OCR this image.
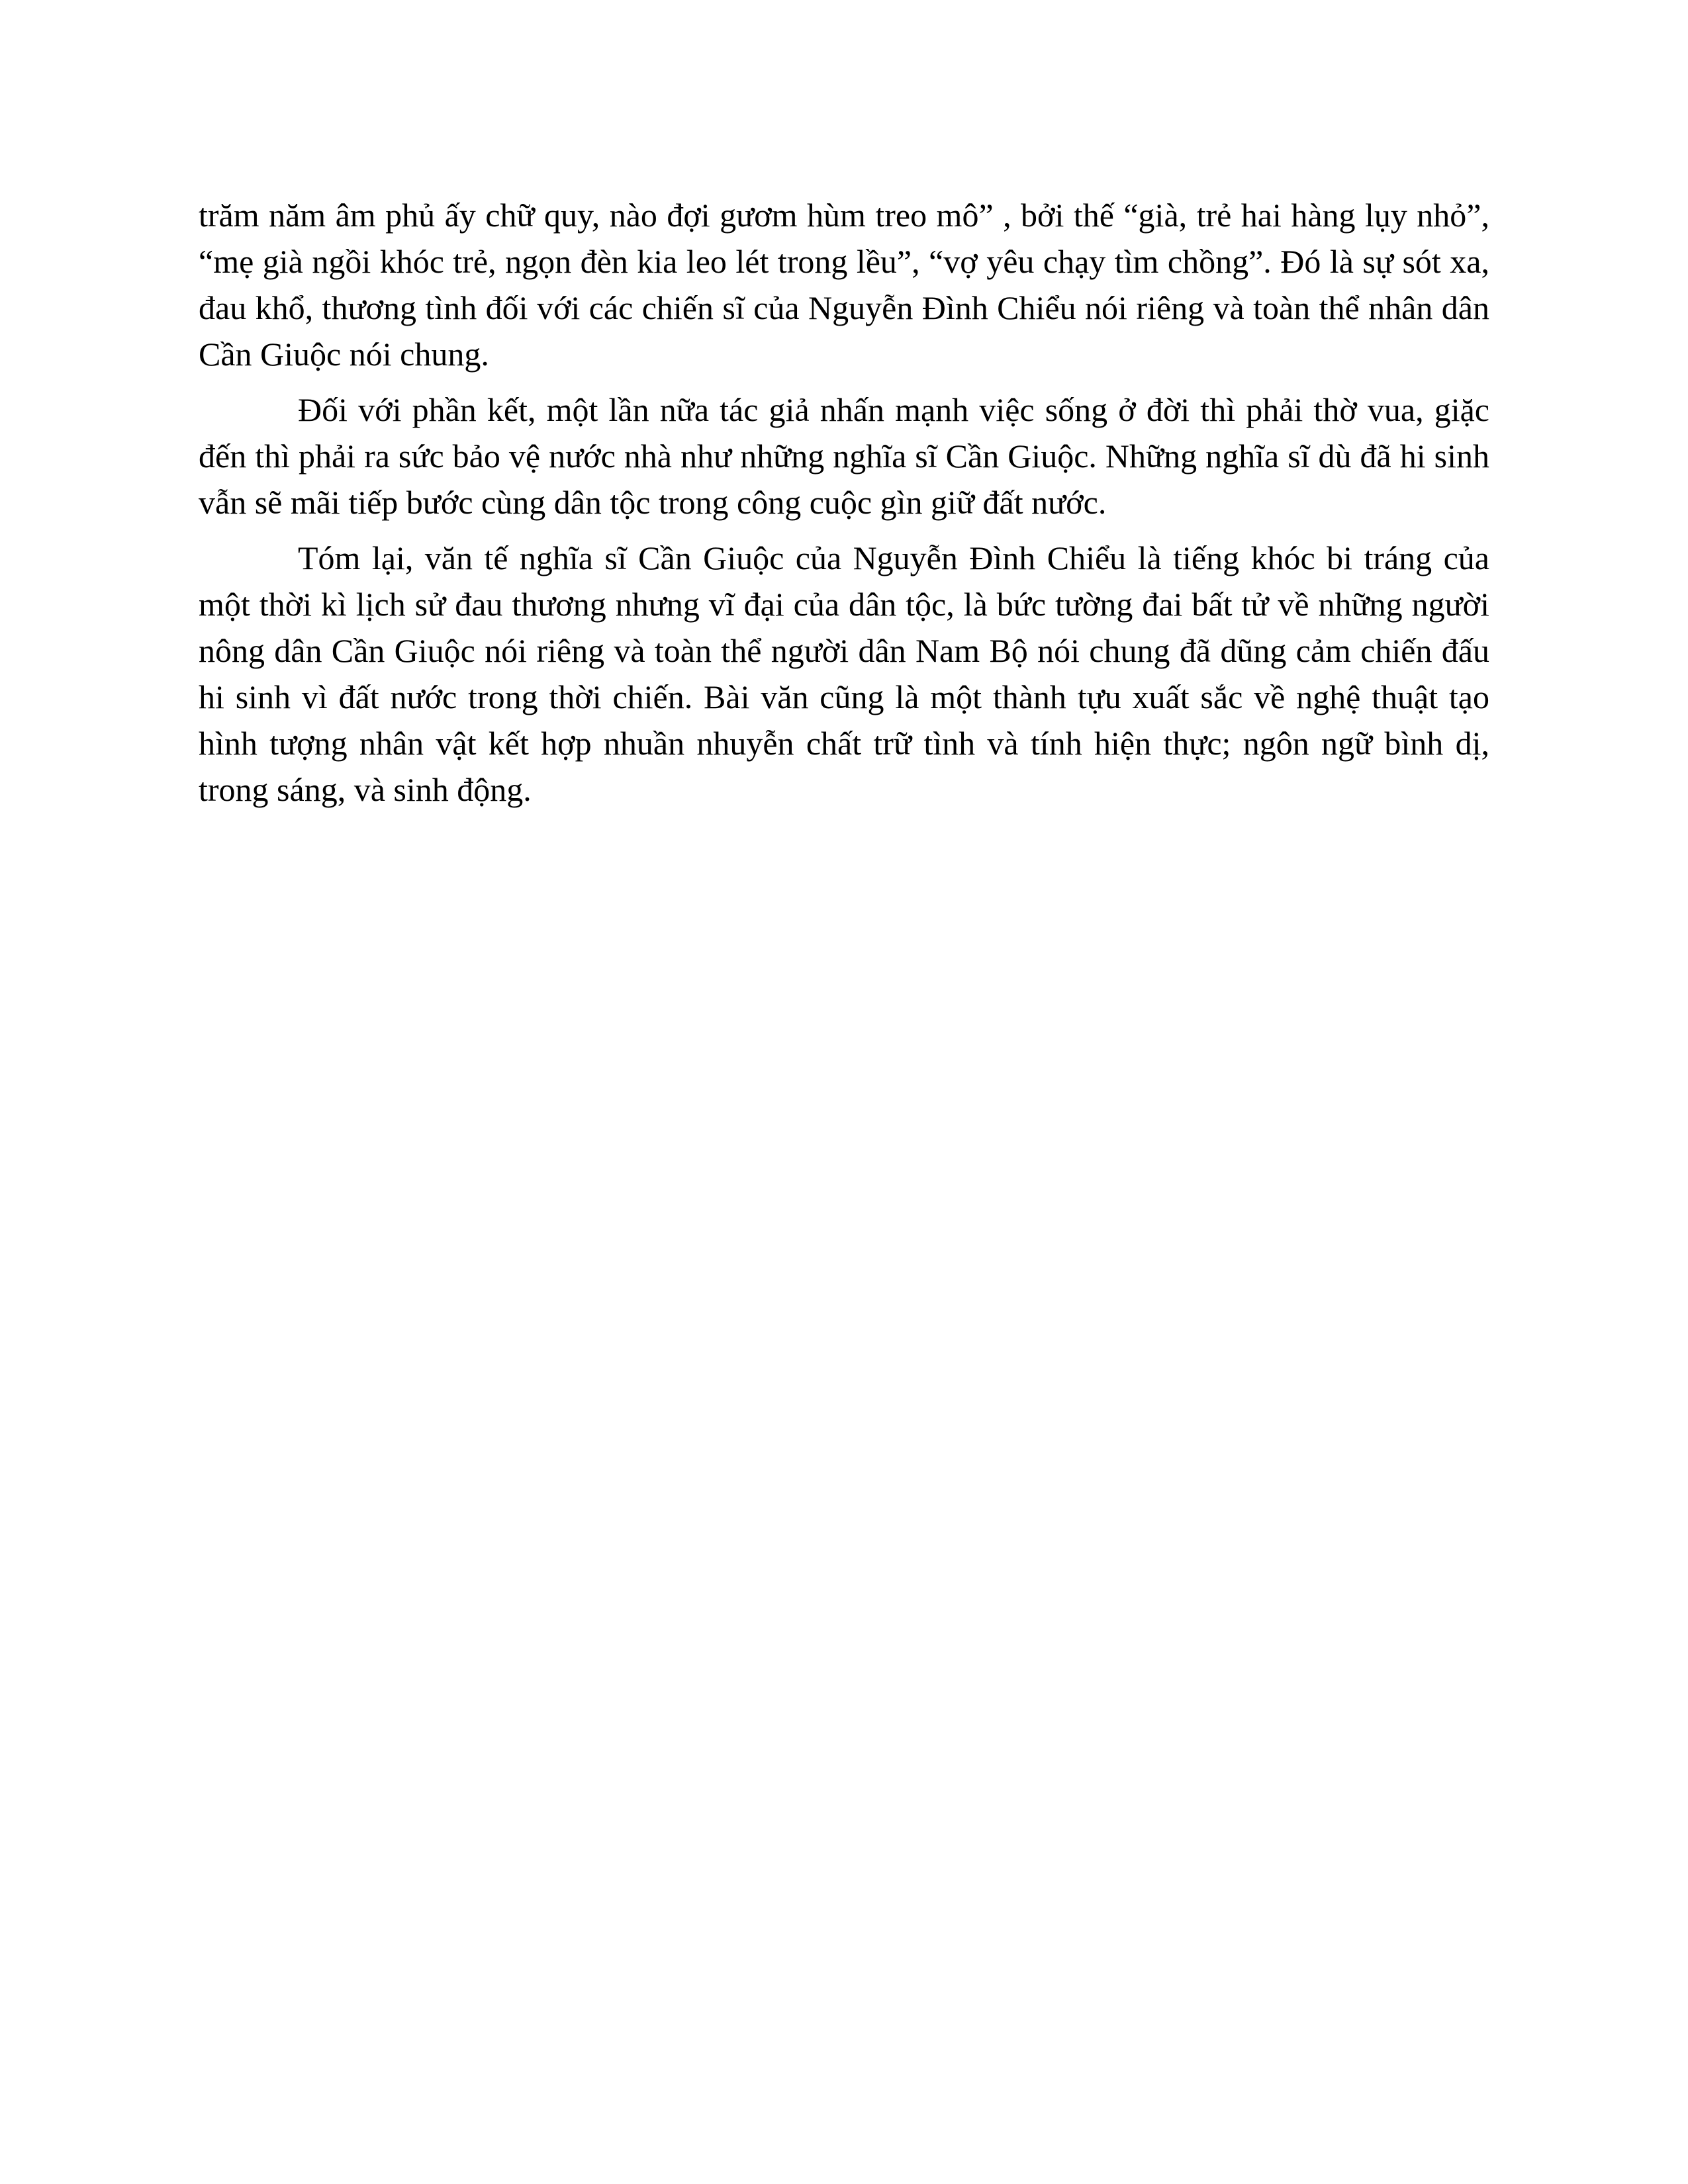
trăm năm âm phủ ấy chữ quy, nào đợi gươm hùm treo mô” , bởi thế “già, trẻ hai hàng lụy nhỏ”, “mẹ già ngồi khóc trẻ, ngọn đèn kia leo lét trong lều”, “vợ yêu chạy tìm chồng”. Đó là sự sót xa, đau khổ, thương tình đối với các chiến sĩ của Nguyễn Đình Chiểu nói riêng và toàn thể nhân dân Cần Giuộc nói chung.

Đối với phần kết, một lần nữa tác giả nhấn mạnh việc sống ở đời thì phải thờ vua, giặc đến thì phải ra sức bảo vệ nước nhà như những nghĩa sĩ Cần Giuộc. Những nghĩa sĩ dù đã hi sinh vẫn sẽ mãi tiếp bước cùng dân tộc trong công cuộc gìn giữ đất nước.

Tóm lại, văn tế nghĩa sĩ Cần Giuộc của Nguyễn Đình Chiểu là tiếng khóc bi tráng của một thời kì lịch sử đau thương nhưng vĩ đại của dân tộc, là bức tường đai bất tử về những người nông dân Cần Giuộc nói riêng và toàn thể người dân Nam Bộ nói chung đã dũng cảm chiến đấu hi sinh vì đất nước trong thời chiến. Bài văn cũng là một thành tựu xuất sắc về nghệ thuật tạo hình tượng nhân vật kết hợp nhuần nhuyễn chất trữ tình và tính hiện thực; ngôn ngữ bình dị, trong sáng, và sinh động.
